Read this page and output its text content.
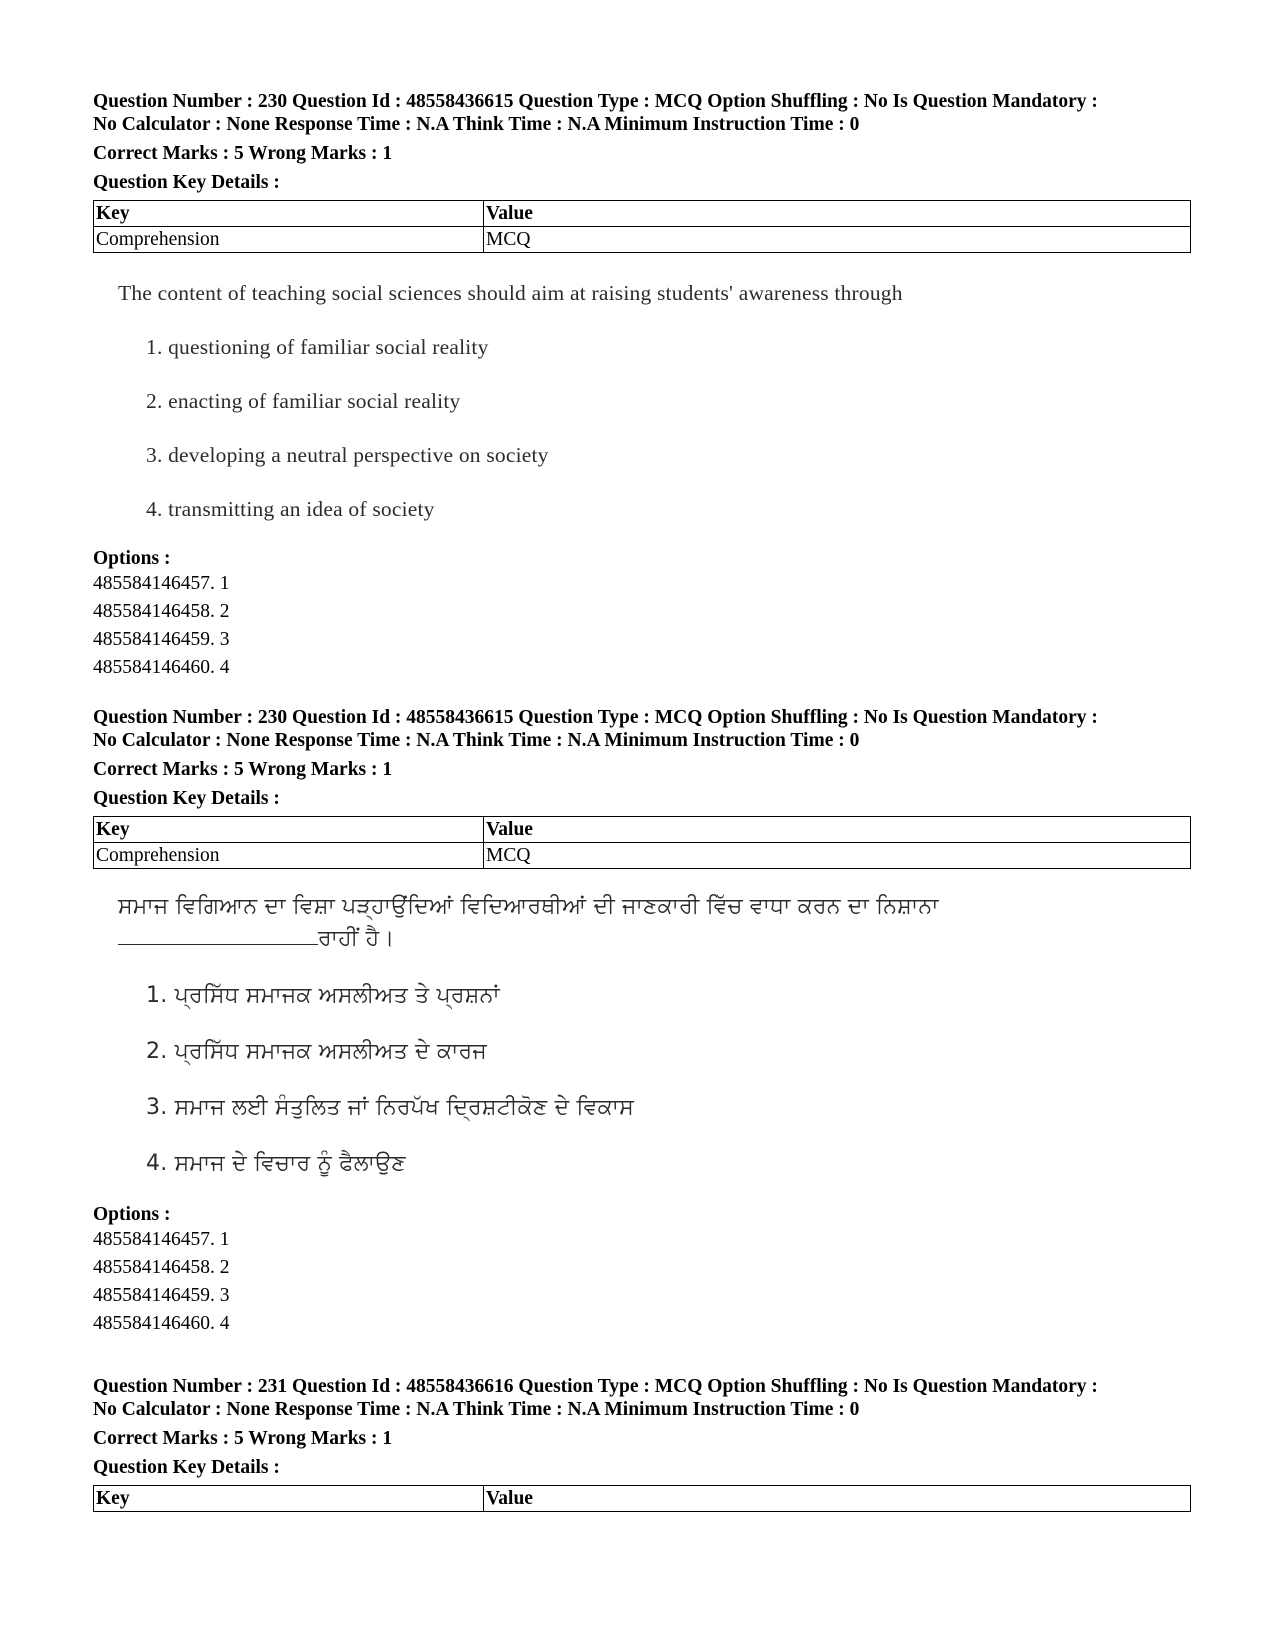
Question Number : 230 Question Id : 48558436615 Question Type : MCQ Option Shuffling : No Is Question Mandatory :
No Calculator : None Response Time : N.A Think Time : N.A Minimum Instruction Time : 0
Correct Marks : 5 Wrong Marks : 1
Question Key Details :
Key	Value
Comprehension	MCQ
The content of teaching social sciences should aim at raising students' awareness through
1. questioning of familiar social reality
2. enacting of familiar social reality
3. developing a neutral perspective on society
4. transmitting an idea of society
Options :
485584146457. 1
485584146458. 2
485584146459. 3
485584146460. 4
Question Number : 230 Question Id : 48558436615 Question Type : MCQ Option Shuffling : No Is Question Mandatory :
No Calculator : None Response Time : N.A Think Time : N.A Minimum Instruction Time : 0
Correct Marks : 5 Wrong Marks : 1
Question Key Details :
Key	Value
Comprehension	MCQ
ਸਮਾਜ ਵਿਗਿਆਨ ਦਾ ਵਿਸ਼ਾ ਪੜ੍ਹਾਉਂਦਿਆਂ ਵਿਦਿਆਰਥੀਆਂ ਦੀ ਜਾਣਕਾਰੀ ਵਿੱਚ ਵਾਧਾ ਕਰਨ ਦਾ ਨਿਸ਼ਾਨਾ
ਰਾਹੀਂ ਹੈ।
1. ਪ੍ਰਸਿੱਧ ਸਮਾਜਕ ਅਸਲੀਅਤ ਤੇ ਪ੍ਰਸ਼ਨਾਂ
2. ਪ੍ਰਸਿੱਧ ਸਮਾਜਕ ਅਸਲੀਅਤ ਦੇ ਕਾਰਜ
3. ਸਮਾਜ ਲਈ ਸੰਤੁਲਿਤ ਜਾਂ ਨਿਰਪੱਖ ਦ੍ਰਿਸ਼ਟੀਕੋਣ ਦੇ ਵਿਕਾਸ
4. ਸਮਾਜ ਦੇ ਵਿਚਾਰ ਨੂੰ ਫੈਲਾਉਣ
Options :
485584146457. 1
485584146458. 2
485584146459. 3
485584146460. 4
Question Number : 231 Question Id : 48558436616 Question Type : MCQ Option Shuffling : No Is Question Mandatory :
No Calculator : None Response Time : N.A Think Time : N.A Minimum Instruction Time : 0
Correct Marks : 5 Wrong Marks : 1
Question Key Details :
Key	Value
